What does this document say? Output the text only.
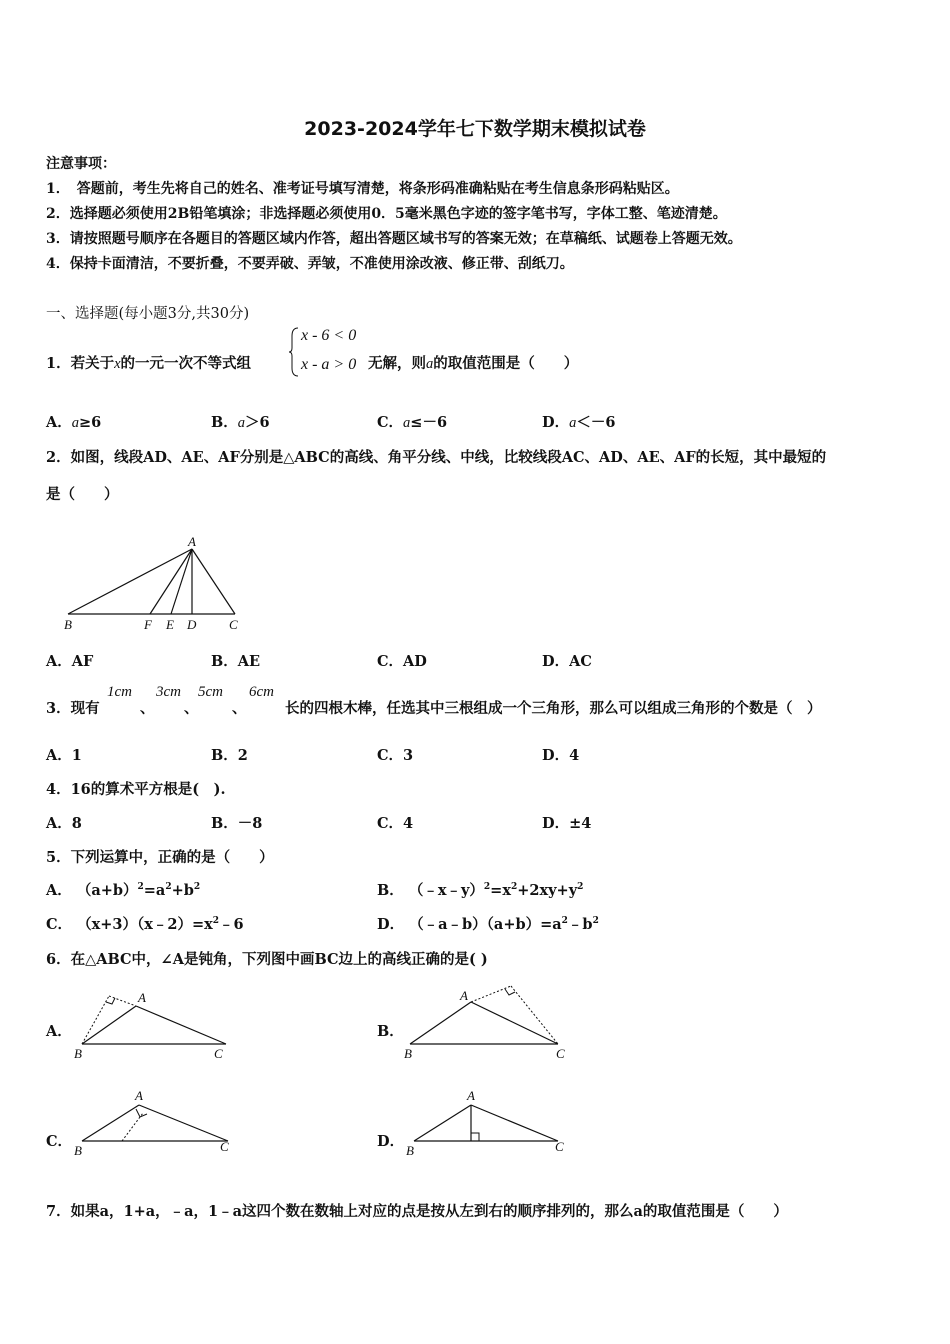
2023-2024学年七下数学期末模拟试卷
注意事项：
1．　答题前，考生先将自己的姓名、准考证号填写清楚，将条形码准确粘贴在考生信息条形码粘贴区。
2．选择题必须使用2B铅笔填涂；非选择题必须使用0．5毫米黑色字迹的签字笔书写，字体工整、笔迹清楚。
3．请按照题号顺序在各题目的答题区域内作答，超出答题区域书写的答案无效；在草稿纸、试题卷上答题无效。
4．保持卡面清洁，不要折叠，不要弄破、弄皱，不准使用涂改液、修正带、刮纸刀。
一、选择题(每小题3分,共30分)
1．若关于x的一元一次不等式组
x - 6 < 0
x - a > 0 无解，则a的取值范围是（　　）
A．a≥6	B．a＞6	C．a≤－6	D．a＜－6
2．如图，线段AD、AE、AF分别是△ABC的高线、角平分线、中线，比较线段AC、AD、AE、AF的长短，其中最短的
是（　　）
A
B	F E D	C
A．AF	B．AE	C．AD	D．AC
3．现有
1cm
、
3cm
、
5cm
、
6cm
长的四根木棒，任选其中三根组成一个三角形，那么可以组成三角形的个数是（　）
A．1	B．2	C．3	D．4
4．16的算术平方根是(　).
A．8	B．－8	C．4	D．±4
5．下列运算中，正确的是（　　）
A． $(a+b)^2=a^2+b^2$	B． $(﹣x﹣y)^2=x^2+2xy+y^2$
C． $(x+3)(x﹣2)=x^2﹣6$	D． $(﹣a﹣b)(a+b)=a^2﹣b^2$
6．在△ABC中，∠A是钝角，下列图中画BC边上的高线正确的是( )
A．
A
B	C
B．
A
B	C
C．
A
B	C	D．
A
B	C
7．如果a，1+a，﹣a，1﹣a这四个数在数轴上对应的点是按从左到右的顺序排列的，那么a的取值范围是（　　）
